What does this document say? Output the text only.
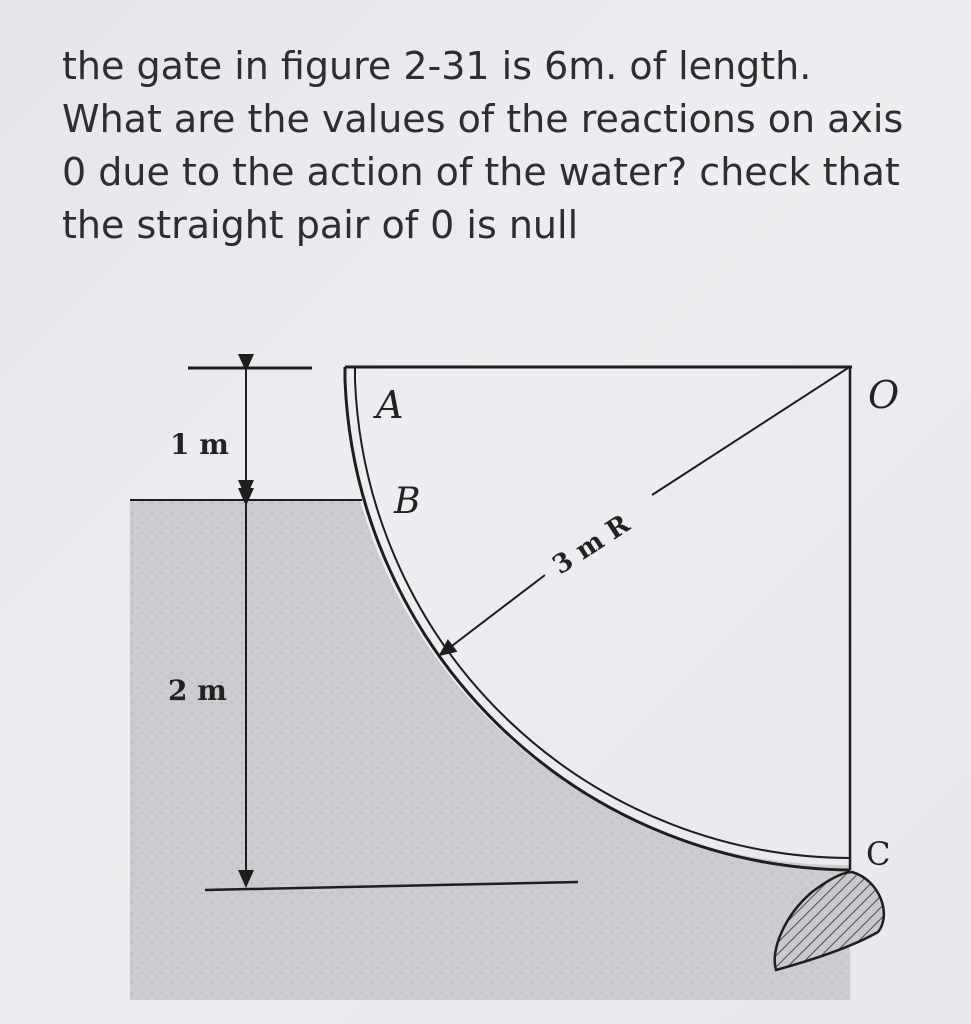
the gate in figure 2-31 is 6m. of length.
What are the values of the reactions on axis
0 due to the action of the water? check that
the straight pair of 0 is null
A
B
O
C
1 m
2 m
3 m R
